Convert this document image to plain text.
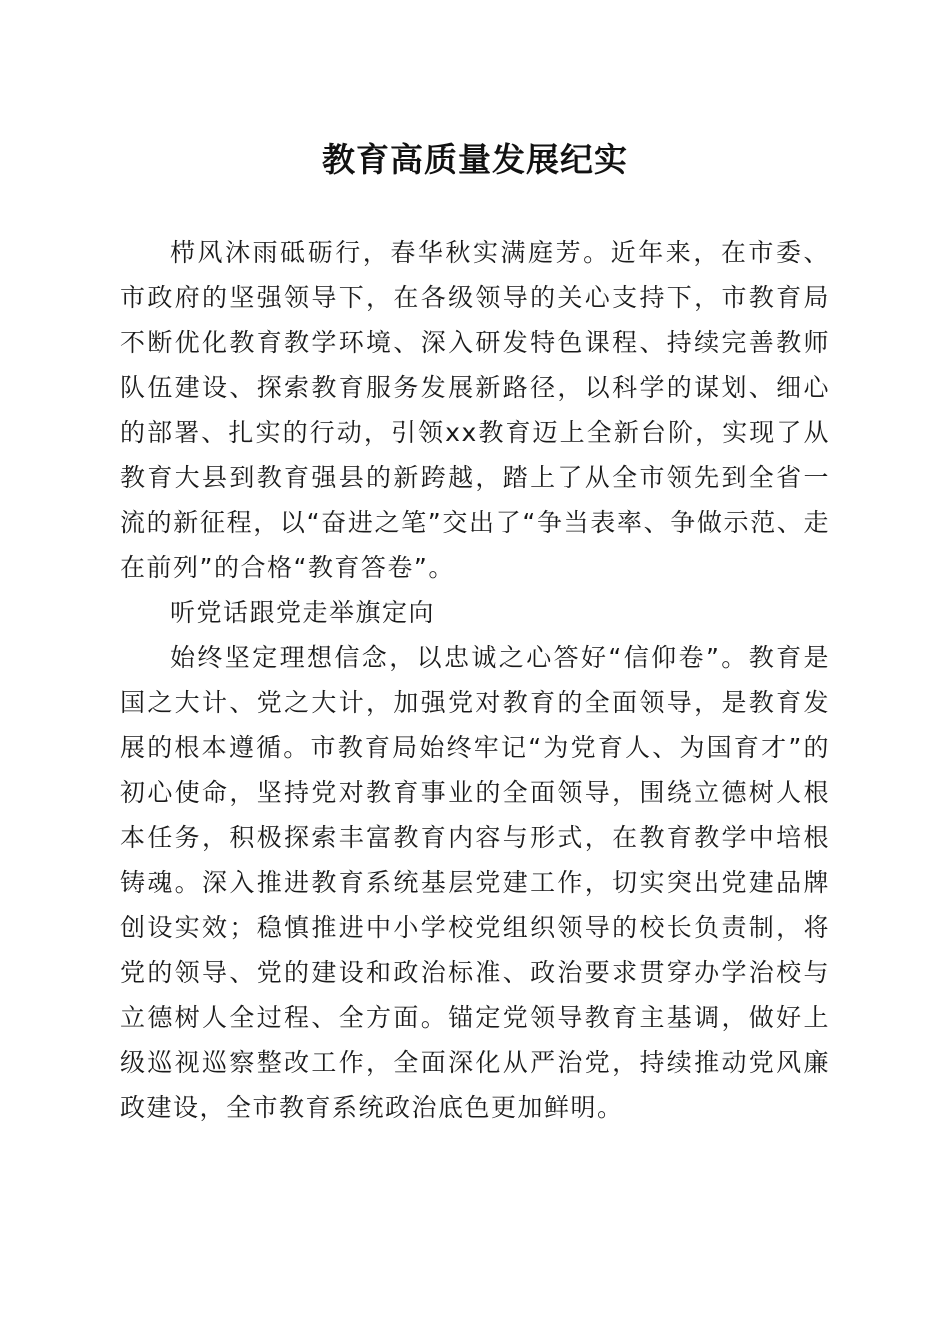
教育高质量发展纪实

栉风沐雨砥砺行，春华秋实满庭芳。近年来，在市委、市政府的坚强领导下，在各级领导的关心支持下，市教育局不断优化教育教学环境、深入研发特色课程、持续完善教师队伍建设、探索教育服务发展新路径，以科学的谋划、细心的部署、扎实的行动，引领xx教育迈上全新台阶，实现了从教育大县到教育强县的新跨越，踏上了从全市领先到全省一流的新征程，以“奋进之笔”交出了“争当表率、争做示范、走在前列”的合格“教育答卷”。

听党话跟党走举旗定向

始终坚定理想信念，以忠诚之心答好“信仰卷”。教育是国之大计、党之大计，加强党对教育的全面领导，是教育发展的根本遵循。市教育局始终牢记“为党育人、为国育才”的初心使命，坚持党对教育事业的全面领导，围绕立德树人根本任务，积极探索丰富教育内容与形式，在教育教学中培根铸魂。深入推进教育系统基层党建工作，切实突出党建品牌创设实效；稳慎推进中小学校党组织领导的校长负责制，将党的领导、党的建设和政治标准、政治要求贯穿办学治校与立德树人全过程、全方面。锚定党领导教育主基调，做好上级巡视巡察整改工作，全面深化从严治党，持续推动党风廉政建设，全市教育系统政治底色更加鲜明。
